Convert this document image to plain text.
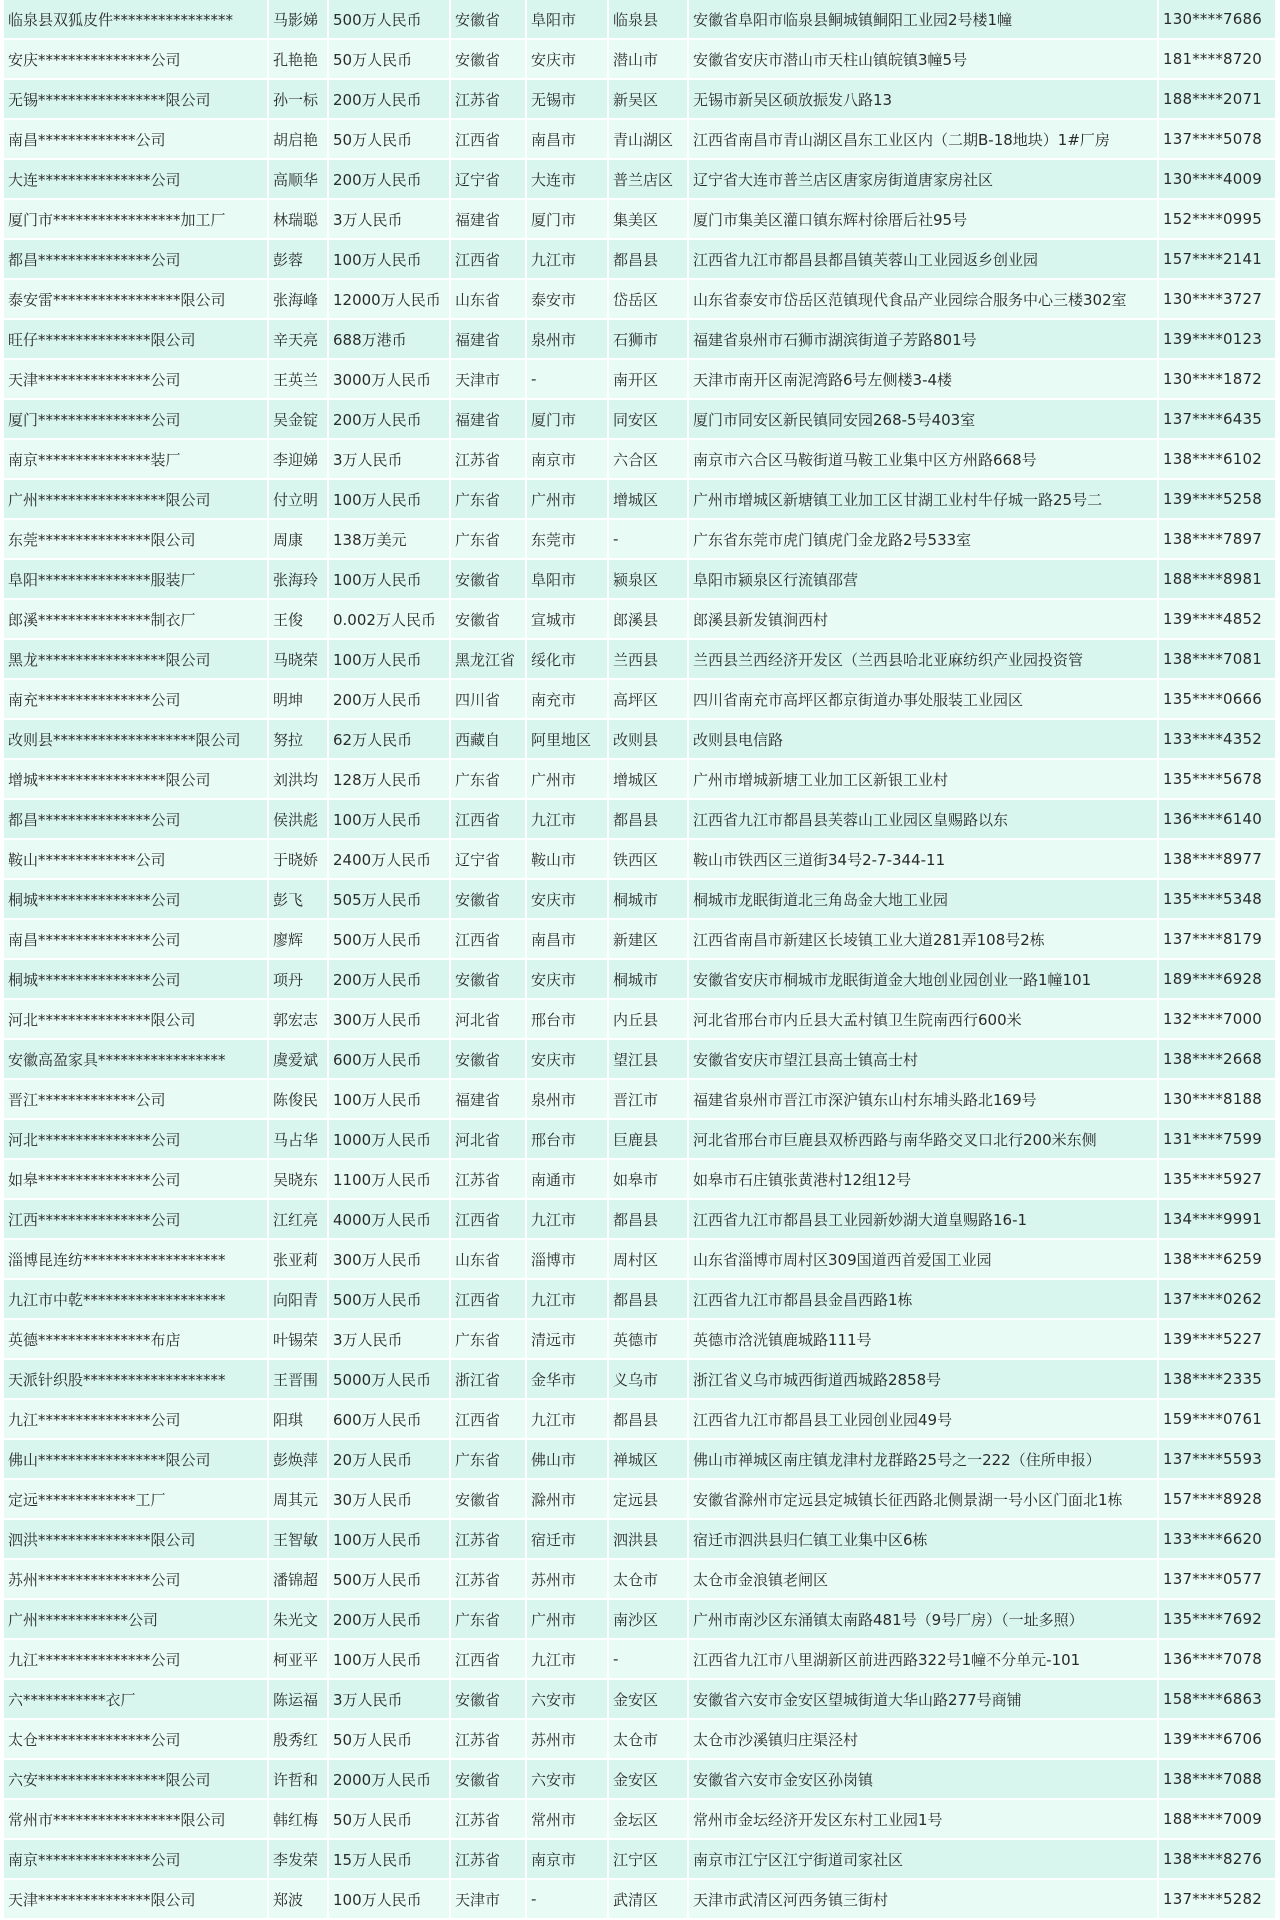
临泉县双狐皮件****************	马影娣	500万人民币	安徽省	阜阳市	临泉县	安徽省阜阳市临泉县鲖城镇鲖阳工业园2号楼1幢	130****7686
安庆***************公司	孔艳艳	50万人民币	安徽省	安庆市	潜山市	安徽省安庆市潜山市天柱山镇皖镇3幢5号	181****8720
无锡*****************限公司	孙一标	200万人民币	江苏省	无锡市	新吴区	无锡市新吴区硕放振发八路13	188****2071
南昌*************公司	胡启艳	50万人民币	江西省	南昌市	青山湖区	江西省南昌市青山湖区昌东工业区内（二期B-18地块）1#厂房	137****5078
大连***************公司	高顺华	200万人民币	辽宁省	大连市	普兰店区	辽宁省大连市普兰店区唐家房街道唐家房社区	130****4009
厦门市*****************加工厂	林瑞聪	3万人民币	福建省	厦门市	集美区	厦门市集美区灌口镇东辉村徐厝后社95号	152****0995
都昌***************公司	彭蓉	100万人民币	江西省	九江市	都昌县	江西省九江市都昌县都昌镇芙蓉山工业园返乡创业园	157****2141
泰安雷*****************限公司	张海峰	12000万人民币	山东省	泰安市	岱岳区	山东省泰安市岱岳区范镇现代食品产业园综合服务中心三楼302室	130****3727
旺仔***************限公司	辛天亮	688万港币	福建省	泉州市	石狮市	福建省泉州市石狮市湖滨街道子芳路801号	139****0123
天津***************公司	王英兰	3000万人民币	天津市	-	南开区	天津市南开区南泥湾路6号左侧楼3-4楼	130****1872
厦门***************公司	吴金锭	200万人民币	福建省	厦门市	同安区	厦门市同安区新民镇同安园268-5号403室	137****6435
南京***************装厂	李迎娣	3万人民币	江苏省	南京市	六合区	南京市六合区马鞍街道马鞍工业集中区方州路668号	138****6102
广州*****************限公司	付立明	100万人民币	广东省	广州市	增城区	广州市增城区新塘镇工业加工区甘湖工业村牛仔城一路25号二	139****5258
东莞***************限公司	周康	138万美元	广东省	东莞市	-	广东省东莞市虎门镇虎门金龙路2号533室	138****7897
阜阳***************服装厂	张海玲	100万人民币	安徽省	阜阳市	颍泉区	阜阳市颍泉区行流镇邵营	188****8981
郎溪***************制衣厂	王俊	0.002万人民币	安徽省	宣城市	郎溪县	郎溪县新发镇涧西村	139****4852
黑龙*****************限公司	马晓荣	100万人民币	黑龙江省	绥化市	兰西县	兰西县兰西经济开发区（兰西县哈北亚麻纺织产业园投资管	138****7081
南充***************公司	明坤	200万人民币	四川省	南充市	高坪区	四川省南充市高坪区都京街道办事处服装工业园区	135****0666
改则县*******************限公司	努拉	62万人民币	西藏自	阿里地区	改则县	改则县电信路	133****4352
增城*****************限公司	刘洪均	128万人民币	广东省	广州市	增城区	广州市增城新塘工业加工区新银工业村	135****5678
都昌***************公司	侯洪彪	100万人民币	江西省	九江市	都昌县	江西省九江市都昌县芙蓉山工业园区皇赐路以东	136****6140
鞍山*************公司	于晓娇	2400万人民币	辽宁省	鞍山市	铁西区	鞍山市铁西区三道街34号2-7-344-11	138****8977
桐城***************公司	彭飞	505万人民币	安徽省	安庆市	桐城市	桐城市龙眠街道北三角岛金大地工业园	135****5348
南昌***************公司	廖辉	500万人民币	江西省	南昌市	新建区	江西省南昌市新建区长堎镇工业大道281弄108号2栋	137****8179
桐城***************公司	项丹	200万人民币	安徽省	安庆市	桐城市	安徽省安庆市桐城市龙眠街道金大地创业园创业一路1幢101	189****6928
河北***************限公司	郭宏志	300万人民币	河北省	邢台市	内丘县	河北省邢台市内丘县大孟村镇卫生院南西行600米	132****7000
安徽高盈家具*****************	虞爱斌	600万人民币	安徽省	安庆市	望江县	安徽省安庆市望江县高士镇高士村	138****2668
晋江*************公司	陈俊民	100万人民币	福建省	泉州市	晋江市	福建省泉州市晋江市深沪镇东山村东埔头路北169号	130****8188
河北***************公司	马占华	1000万人民币	河北省	邢台市	巨鹿县	河北省邢台市巨鹿县双桥西路与南华路交叉口北行200米东侧	131****7599
如皋***************公司	吴晓东	1100万人民币	江苏省	南通市	如皋市	如皋市石庄镇张黄港村12组12号	135****5927
江西***************公司	江红亮	4000万人民币	江西省	九江市	都昌县	江西省九江市都昌县工业园新妙湖大道皇赐路16-1	134****9991
淄博昆连纺*******************	张亚莉	300万人民币	山东省	淄博市	周村区	山东省淄博市周村区309国道西首爱国工业园	138****6259
九江市中乾*******************	向阳青	500万人民币	江西省	九江市	都昌县	江西省九江市都昌县金昌西路1栋	137****0262
英德***************布店	叶锡荣	3万人民币	广东省	清远市	英德市	英德市浛洸镇鹿城路111号	139****5227
天派针织股*******************	王晋围	5000万人民币	浙江省	金华市	义乌市	浙江省义乌市城西街道西城路2858号	138****2335
九江***************公司	阳琪	600万人民币	江西省	九江市	都昌县	江西省九江市都昌县工业园创业园49号	159****0761
佛山*****************限公司	彭焕萍	20万人民币	广东省	佛山市	禅城区	佛山市禅城区南庄镇龙津村龙群路25号之一222（住所申报）	137****5593
定远*************工厂	周其元	30万人民币	安徽省	滁州市	定远县	安徽省滁州市定远县定城镇长征西路北侧景湖一号小区门面北1栋	157****8928
泗洪***************限公司	王智敏	100万人民币	江苏省	宿迁市	泗洪县	宿迁市泗洪县归仁镇工业集中区6栋	133****6620
苏州***************公司	潘锦超	500万人民币	江苏省	苏州市	太仓市	太仓市金浪镇老闸区	137****0577
广州************公司	朱光文	200万人民币	广东省	广州市	南沙区	广州市南沙区东涌镇太南路481号（9号厂房）（一址多照）	135****7692
九江***************公司	柯亚平	100万人民币	江西省	九江市	-	江西省九江市八里湖新区前进西路322号1幢不分单元-101	136****7078
六***********衣厂	陈运福	3万人民币	安徽省	六安市	金安区	安徽省六安市金安区望城街道大华山路277号商铺	158****6863
太仓***************公司	殷秀红	50万人民币	江苏省	苏州市	太仓市	太仓市沙溪镇归庄渠泾村	139****6706
六安*****************限公司	许哲和	2000万人民币	安徽省	六安市	金安区	安徽省六安市金安区孙岗镇	138****7088
常州市*****************限公司	韩红梅	50万人民币	江苏省	常州市	金坛区	常州市金坛经济开发区东村工业园1号	188****7009
南京***************公司	李发荣	15万人民币	江苏省	南京市	江宁区	南京市江宁区江宁街道司家社区	138****8276
天津***************限公司	郑波	100万人民币	天津市	-	武清区	天津市武清区河西务镇三街村	137****5282
